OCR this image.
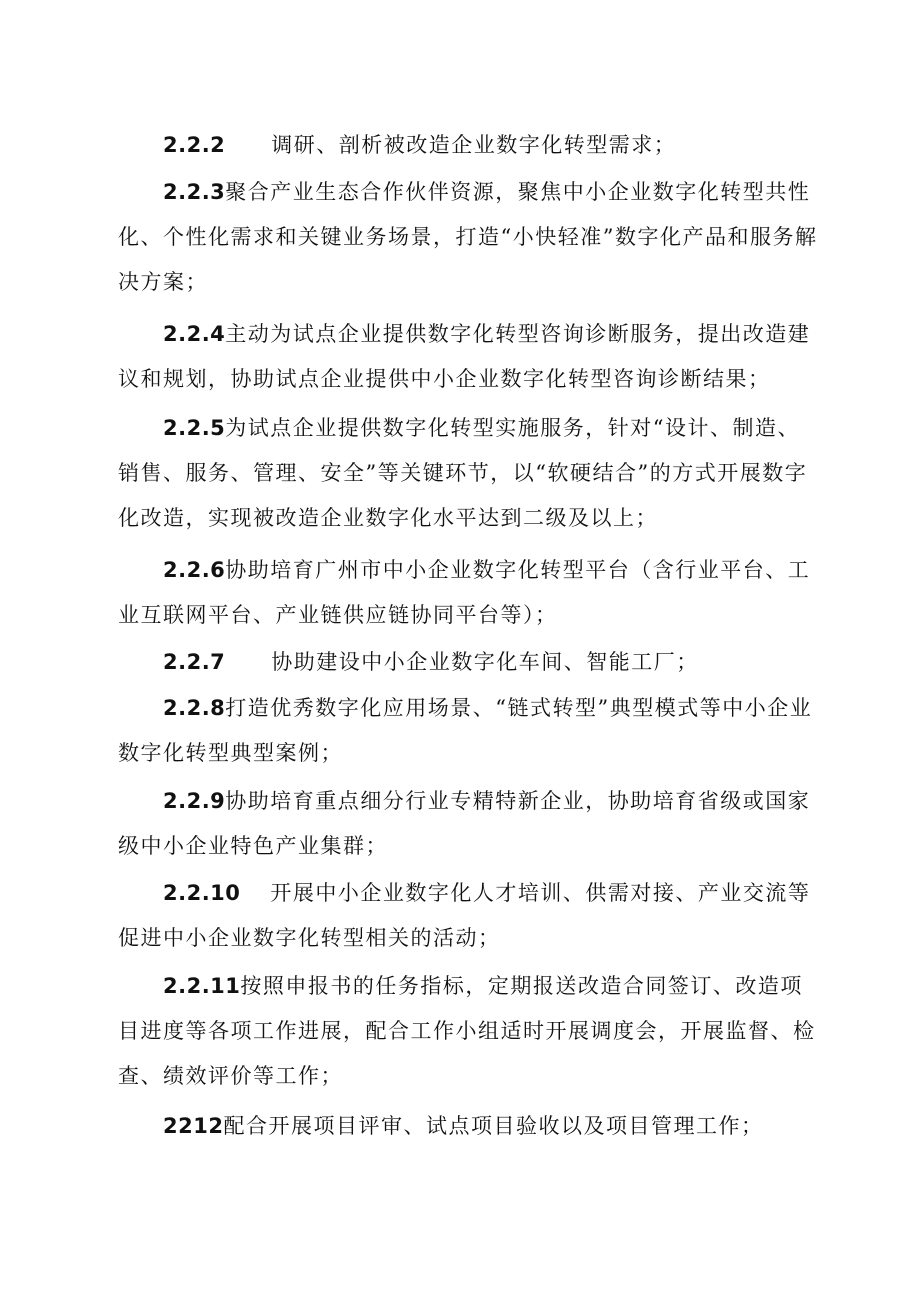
2.2.2 调研、剖析被改造企业数字化转型需求；

2.2.3聚合产业生态合作伙伴资源，聚焦中小企业数字化转型共性化、个性化需求和关键业务场景，打造“小快轻准”数字化产品和服务解决方案；

2.2.4主动为试点企业提供数字化转型咨询诊断服务，提出改造建议和规划，协助试点企业提供中小企业数字化转型咨询诊断结果；

2.2.5为试点企业提供数字化转型实施服务，针对“设计、制造、销售、服务、管理、安全”等关键环节，以“软硬结合”的方式开展数字化改造，实现被改造企业数字化水平达到二级及以上；

2.2.6协助培育广州市中小企业数字化转型平台（含行业平台、工业互联网平台、产业链供应链协同平台等）；

2.2.7 协助建设中小企业数字化车间、智能工厂；

2.2.8打造优秀数字化应用场景、“链式转型”典型模式等中小企业数字化转型典型案例；

2.2.9协助培育重点细分行业专精特新企业，协助培育省级或国家级中小企业特色产业集群；

2.2.10 开展中小企业数字化人才培训、供需对接、产业交流等促进中小企业数字化转型相关的活动；

2.2.11按照申报书的任务指标，定期报送改造合同签订、改造项目进度等各项工作进展，配合工作小组适时开展调度会，开展监督、检查、绩效评价等工作；

2212配合开展项目评审、试点项目验收以及项目管理工作；
